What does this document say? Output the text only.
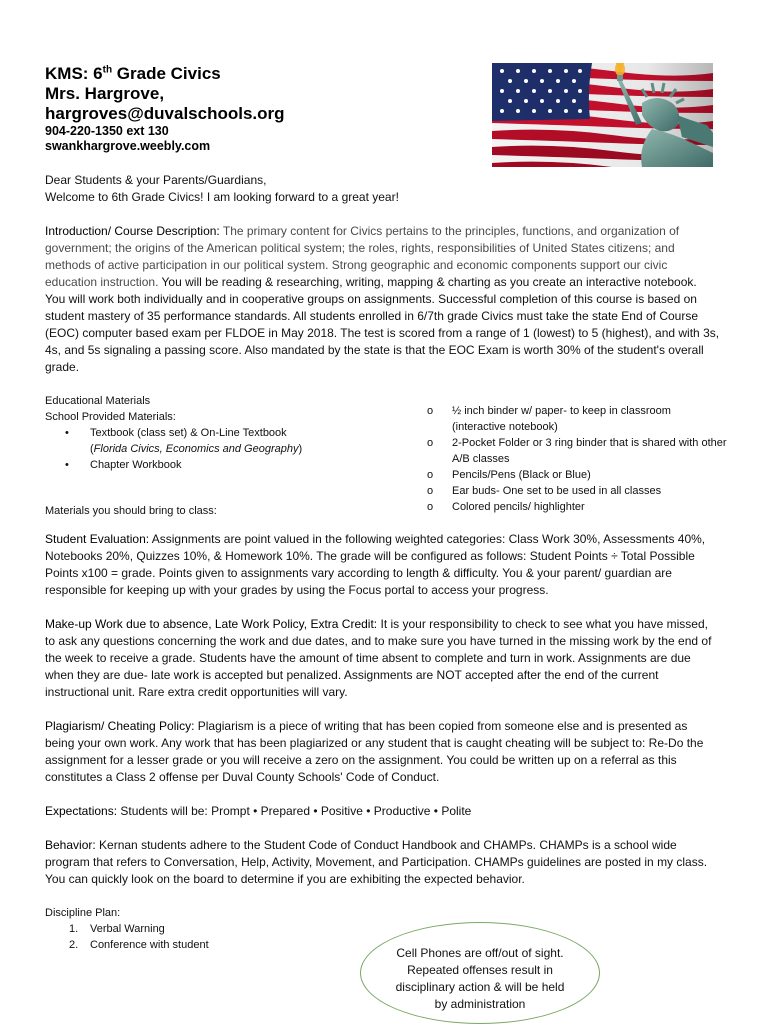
KMS: 6th Grade Civics
Mrs. Hargrove,
hargroves@duvalschools.org
904-220-1350 ext 130
swankhargrove.weebly.com
Dear Students & your Parents/Guardians,
Welcome to 6th Grade Civics! I am looking forward to a great year!
Introduction/ Course Description: The primary content for Civics pertains to the principles, functions, and organization of government; the origins of the American political system; the roles, rights, responsibilities of United States citizens; and methods of active participation in our political system. Strong geographic and economic components support our civic education instruction. You will be reading & researching, writing, mapping & charting as you create an interactive notebook. You will work both individually and in cooperative groups on assignments. Successful completion of this course is based on student mastery of 35 performance standards. All students enrolled in 6/7th grade Civics must take the state End of Course (EOC) computer based exam per FLDOE in May 2018. The test is scored from a range of 1 (lowest) to 5 (highest), and with 3s, 4s, and 5s signaling a passing score. Also mandated by the state is that the EOC Exam is worth 30% of the student's overall grade.
Educational Materials
School Provided Materials:
• Textbook (class set) & On-Line Textbook
(Florida Civics, Economics and Geography)
• Chapter Workbook
Materials you should bring to class:
o ½ inch binder w/ paper- to keep in classroom (interactive notebook)
o 2-Pocket Folder or 3 ring binder that is shared with other A/B classes
o Pencils/Pens (Black or Blue)
o Ear buds- One set to be used in all classes
o Colored pencils/ highlighter
Student Evaluation: Assignments are point valued in the following weighted categories: Class Work 30%, Assessments 40%, Notebooks 20%, Quizzes 10%, & Homework 10%. The grade will be configured as follows: Student Points ÷ Total Possible Points x100 = grade. Points given to assignments vary according to length & difficulty. You & your parent/ guardian are responsible for keeping up with your grades by using the Focus portal to access your progress.
Make-up Work due to absence, Late Work Policy, Extra Credit: It is your responsibility to check to see what you have missed, to ask any questions concerning the work and due dates, and to make sure you have turned in the missing work by the end of the week to receive a grade. Students have the amount of time absent to complete and turn in work. Assignments are due when they are due- late work is accepted but penalized. Assignments are NOT accepted after the end of the current instructional unit. Rare extra credit opportunities will vary.
Plagiarism/ Cheating Policy: Plagiarism is a piece of writing that has been copied from someone else and is presented as being your own work. Any work that has been plagiarized or any student that is caught cheating will be subject to: Re-Do the assignment for a lesser grade or you will receive a zero on the assignment. You could be written up on a referral as this constitutes a Class 2 offense per Duval County Schools' Code of Conduct.
Expectations: Students will be: Prompt • Prepared • Positive • Productive • Polite
Behavior: Kernan students adhere to the Student Code of Conduct Handbook and CHAMPs. CHAMPs is a school wide program that refers to Conversation, Help, Activity, Movement, and Participation. CHAMPs guidelines are posted in my class. You can quickly look on the board to determine if you are exhibiting the expected behavior.
Discipline Plan:
1. Verbal Warning
2. Conference with student
Cell Phones are off/out of sight.
Repeated offenses result in
disciplinary action & will be held
by administration
